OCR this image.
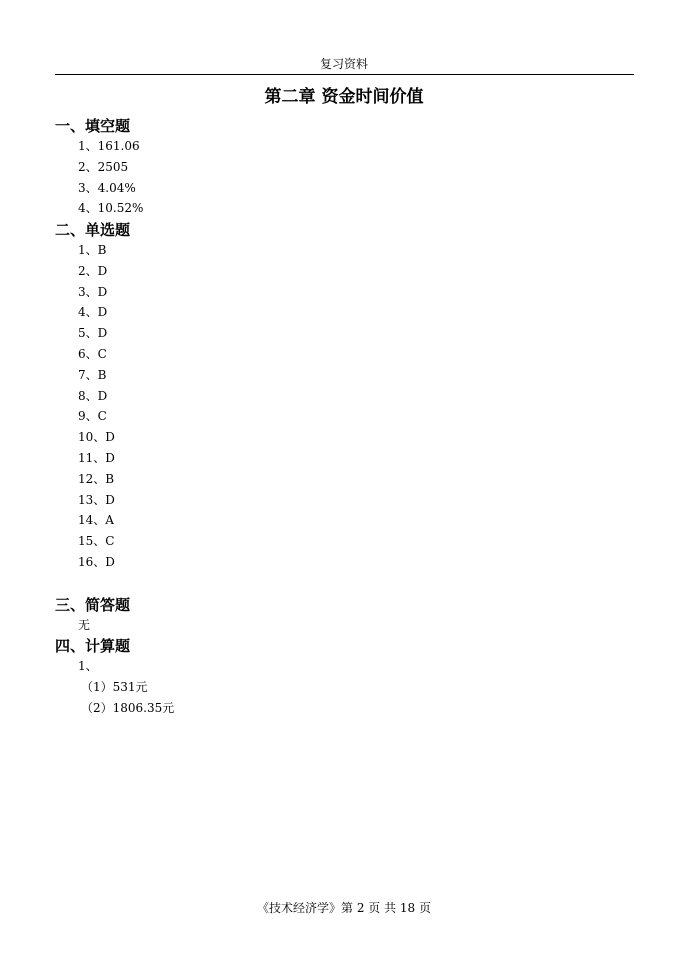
复习资料
第二章 资金时间价值
一、填空题
1、161.06
2、2505
3、4.04%
4、10.52%
二、单选题
1、B
2、D
3、D
4、D
5、D
6、C
7、B
8、D
9、C
10、D
11、D
12、B
13、D
14、A
15、C
16、D
三、简答题
无
四、计算题
1、
（1）531元
（2）1806.35元
《技术经济学》第 2 页 共 18 页
